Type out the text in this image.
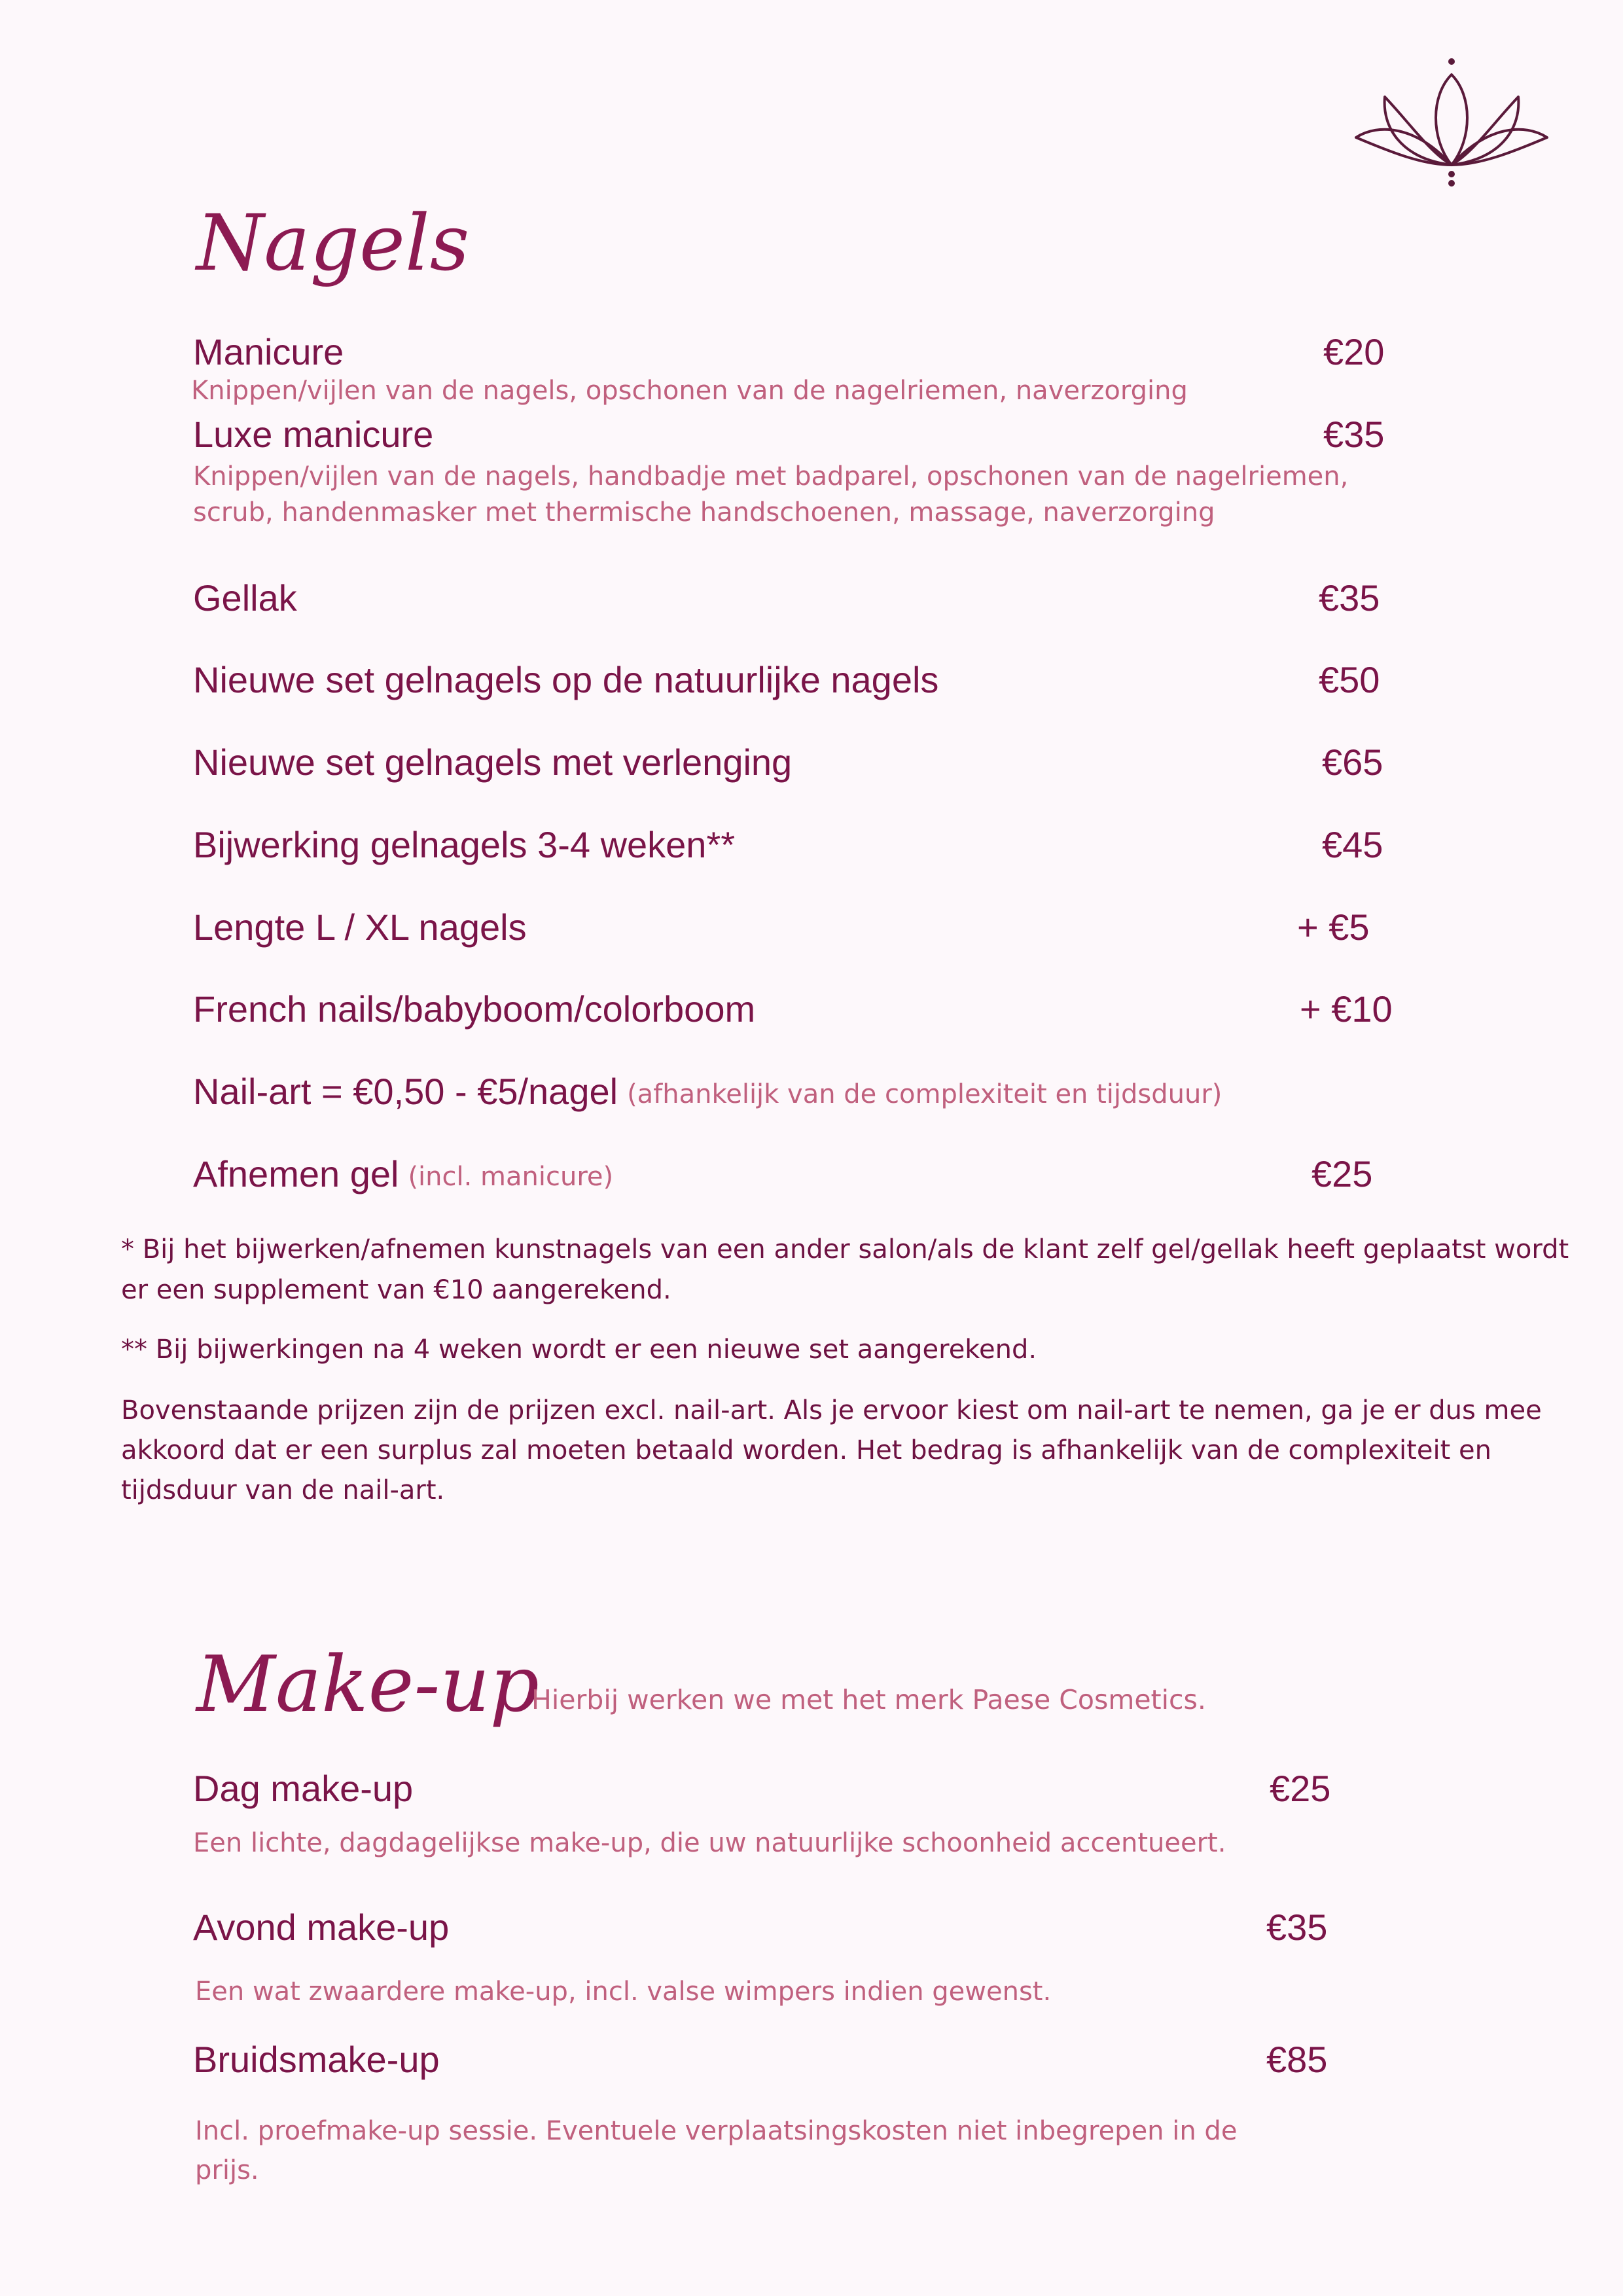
Nagels
Manicure	€20
Knippen/vijlen van de nagels, opschonen van de nagelriemen, naverzorging
Luxe manicure	€35
Knippen/vijlen van de nagels, handbadje met badparel, opschonen van de nagelriemen,
scrub, handenmasker met thermische handschoenen, massage, naverzorging
Gellak	€35
Nieuwe set gelnagels op de natuurlijke nagels	€50
Nieuwe set gelnagels met verlenging	€65
Bijwerking gelnagels 3-4 weken**	€45
Lengte L / XL nagels	+ €5
French nails/babyboom/colorboom	+ €10
Nail-art = €0,50 - €5/nagel (afhankelijk van de complexiteit en tijdsduur)
Afnemen gel (incl. manicure)	€25
* Bij het bijwerken/afnemen kunstnagels van een ander salon/als de klant zelf gel/gellak heeft geplaatst wordt
er een supplement van €10 aangerekend.
** Bij bijwerkingen na 4 weken wordt er een nieuwe set aangerekend.
Bovenstaande prijzen zijn de prijzen excl. nail-art. Als je ervoor kiest om nail-art te nemen, ga je er dus mee
akkoord dat er een surplus zal moeten betaald worden. Het bedrag is afhankelijk van de complexiteit en
tijdsduur van de nail-art.
Make-up
Hierbij werken we met het merk Paese Cosmetics.
Dag make-up	€25
Een lichte, dagdagelijkse make-up, die uw natuurlijke schoonheid accentueert.
Avond make-up	€35
Een wat zwaardere make-up, incl. valse wimpers indien gewenst.
Bruidsmake-up	€85
Incl. proefmake-up sessie. Eventuele verplaatsingskosten niet inbegrepen in de
prijs.
